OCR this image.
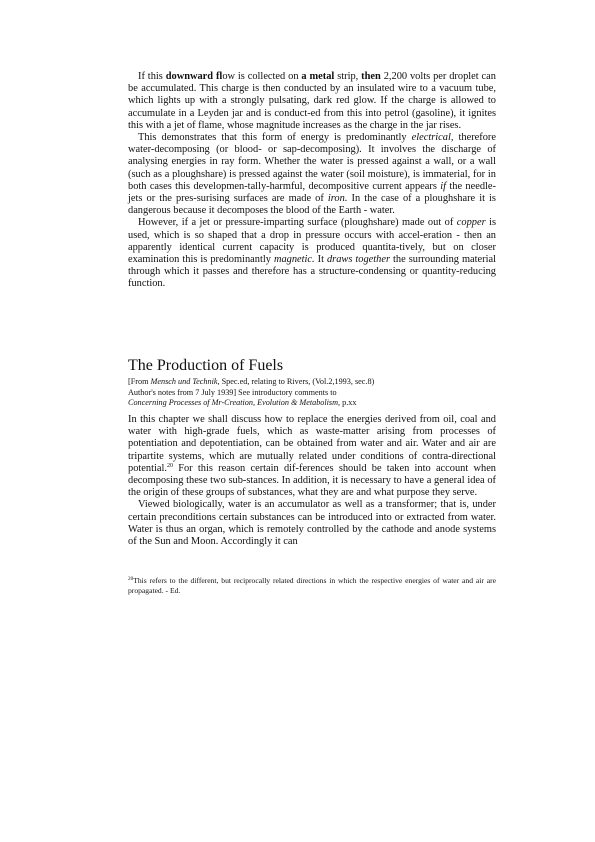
If this downward flow is collected on a metal strip, then 2,200 volts per droplet can be accumulated. This charge is then conducted by an insulated wire to a vacuum tube, which lights up with a strongly pulsating, dark red glow. If the charge is allowed to accumulate in a Leyden jar and is conduct-ed from this into petrol (gasoline), it ignites this with a jet of flame, whose magnitude increases as the charge in the jar rises.

This demonstrates that this form of energy is predominantly electrical, therefore water-decomposing (or blood- or sap-decomposing). It involves the discharge of analysing energies in ray form. Whether the water is pressed against a wall, or a wall (such as a ploughshare) is pressed against the water (soil moisture), is immaterial, for in both cases this developmen-tally-harmful, decompositive current appears if the needle-jets or the pres-surising surfaces are made of iron. In the case of a ploughshare it is dangerous because it decomposes the blood of the Earth - water.

However, if a jet or pressure-imparting surface (ploughshare) made out of copper is used, which is so shaped that a drop in pressure occurs with accel-eration - then an apparently identical current capacity is produced quantita-tively, but on closer examination this is predominantly magnetic. It draws together the surrounding material through which it passes and therefore has a structure-condensing or quantity-reducing function.

The Production of Fuels

[From Mensch und Technik, Spec.ed, relating to Rivers, (Vol.2,1993, sec.8)

Author's notes from 7 July 1939] See introductory comments to

Concerning Processes of Mr-Creation, Evolution & Metabolism, p.xx

In this chapter we shall discuss how to replace the energies derived from oil, coal and water with high-grade fuels, which as waste-matter arising from processes of potentiation and depotentiation, can be obtained from water and air. Water and air are tripartite systems, which are mutually related under conditions of contra-directional potential.$^{20}$ For this reason certain dif-ferences should be taken into account when decomposing these two sub-stances. In addition, it is necessary to have a general idea of the origin of these groups of substances, what they are and what purpose they serve.

Viewed biologically, water is an accumulator as well as a transformer; that is, under certain preconditions certain substances can be introduced into or extracted from water. Water is thus an organ, which is remotely controlled by the cathode and anode systems of the Sun and Moon. Accordingly it can

$^{20}$This refers to the different, but reciprocally related directions in which the respective energies of water and air are propagated. - Ed.
